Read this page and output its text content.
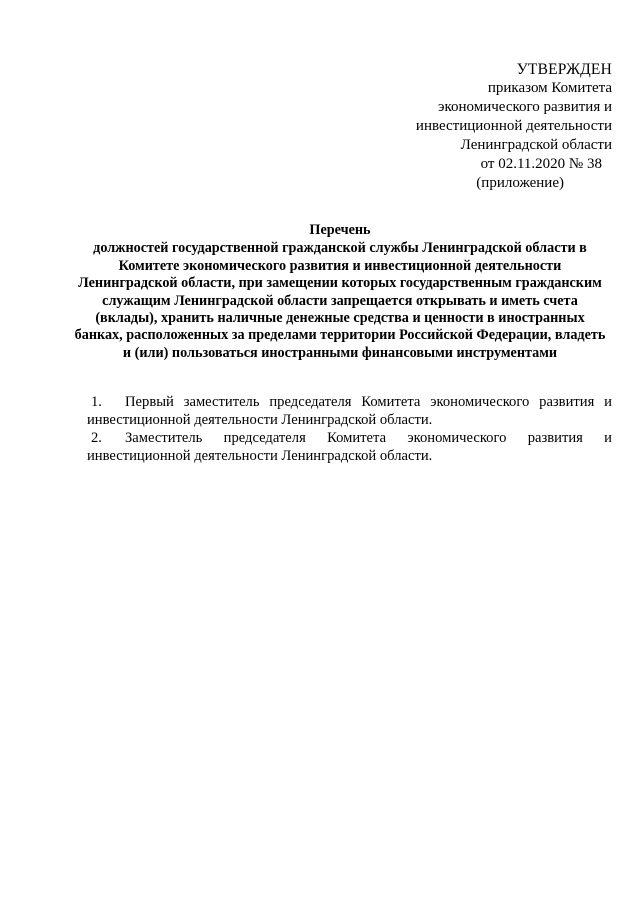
УТВЕРЖДЕН
приказом Комитета
экономического развития и
инвестиционной деятельности
Ленинградской области
от 02.11.2020 № 38
(приложение)
Перечень
должностей государственной гражданской службы Ленинградской области в Комитете экономического развития и инвестиционной деятельности Ленинградской области, при замещении которых государственным гражданским служащим Ленинградской области запрещается открывать и иметь счета (вклады), хранить наличные денежные средства и ценности в иностранных банках, расположенных за пределами территории Российской Федерации, владеть и (или) пользоваться иностранными финансовыми инструментами
1. Первый заместитель председателя Комитета экономического развития и
инвестиционной деятельности Ленинградской области.
2. Заместитель председателя Комитета экономического развития и
инвестиционной деятельности Ленинградской области.
